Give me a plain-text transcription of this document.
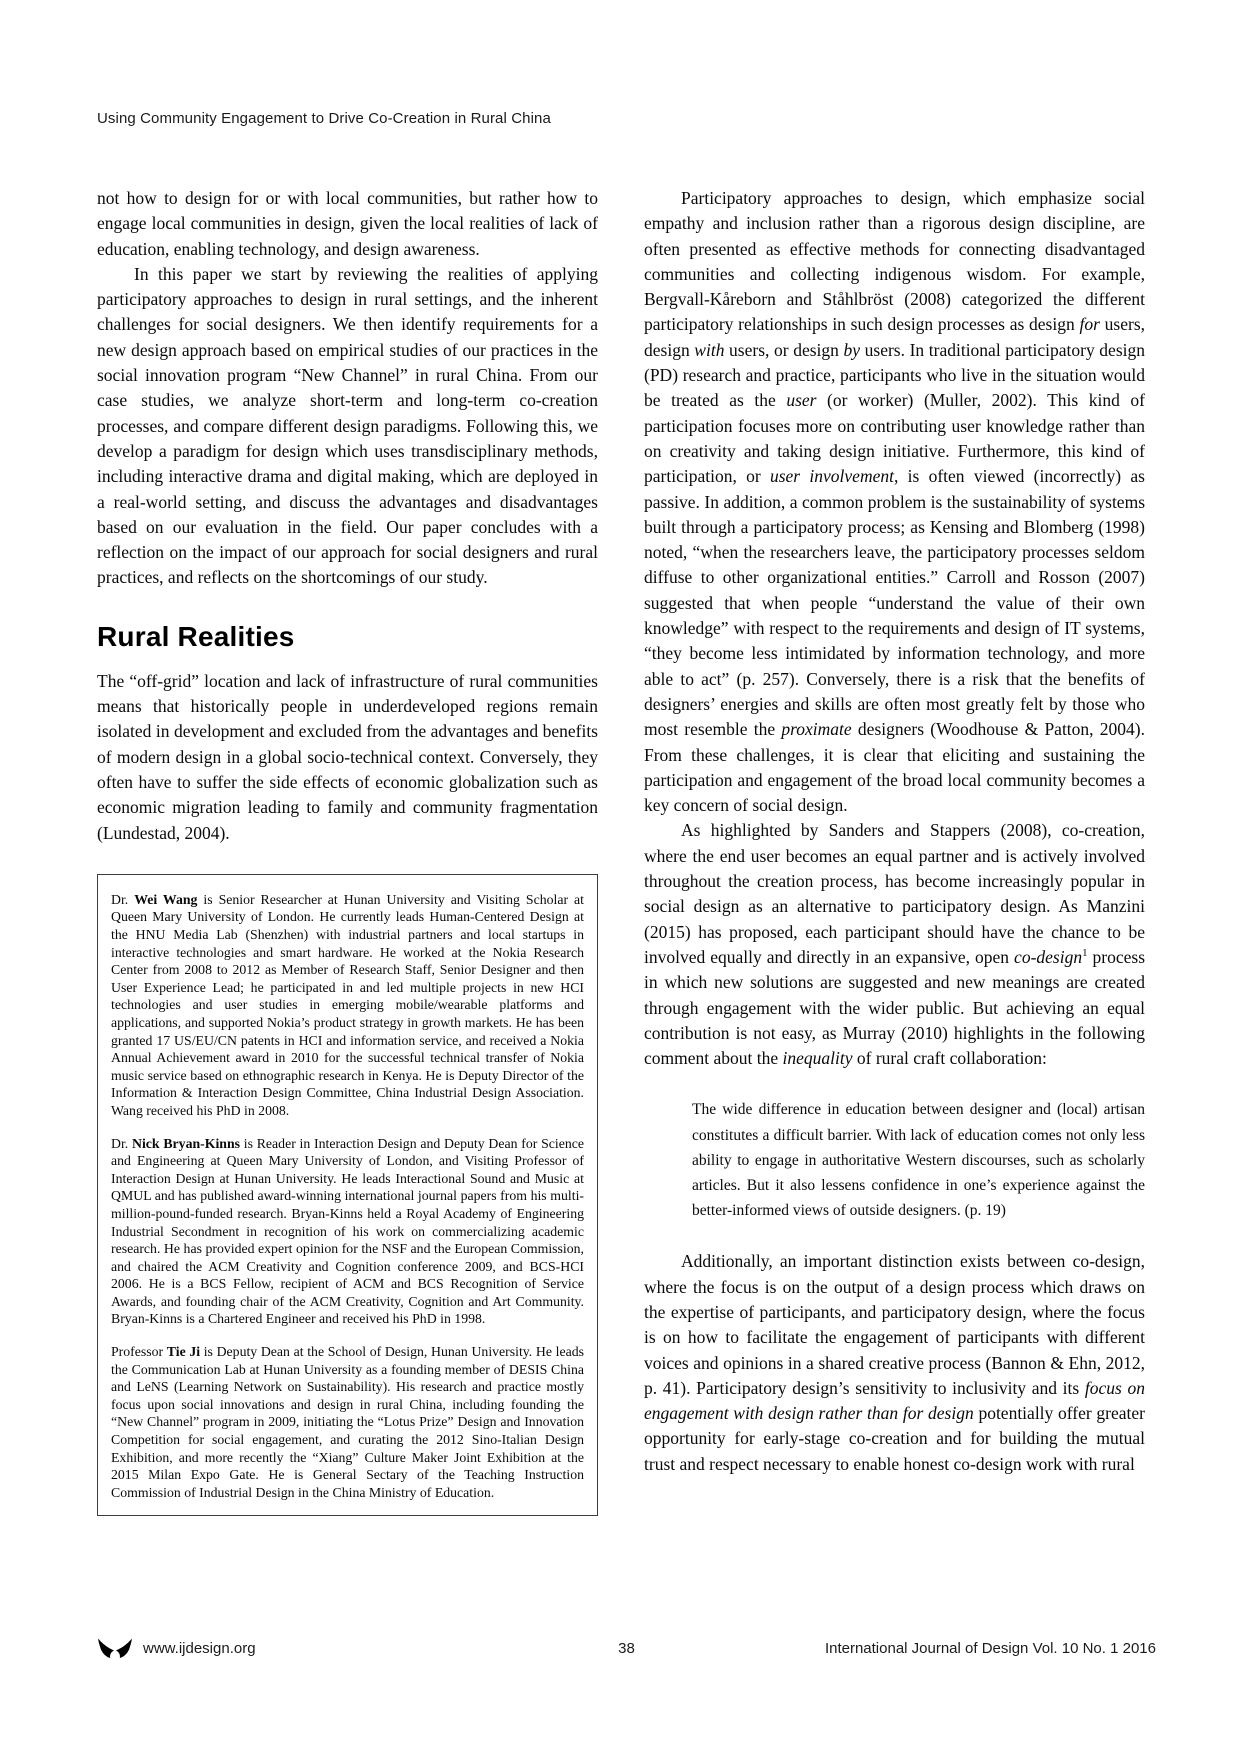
Using Community Engagement to Drive Co-Creation in Rural China

not how to design for or with local communities, but rather how to engage local communities in design, given the local realities of lack of education, enabling technology, and design awareness.

In this paper we start by reviewing the realities of applying participatory approaches to design in rural settings, and the inherent challenges for social designers. We then identify requirements for a new design approach based on empirical studies of our practices in the social innovation program “New Channel” in rural China. From our case studies, we analyze short-term and long-term co-creation processes, and compare different design paradigms. Following this, we develop a paradigm for design which uses transdisciplinary methods, including interactive drama and digital making, which are deployed in a real-world setting, and discuss the advantages and disadvantages based on our evaluation in the field. Our paper concludes with a reflection on the impact of our approach for social designers and rural practices, and reflects on the shortcomings of our study.

Rural Realities

The “off-grid” location and lack of infrastructure of rural communities means that historically people in underdeveloped regions remain isolated in development and excluded from the advantages and benefits of modern design in a global socio-technical context. Conversely, they often have to suffer the side effects of economic globalization such as economic migration leading to family and community fragmentation (Lundestad, 2004).

Dr. Wei Wang is Senior Researcher at Hunan University and Visiting Scholar at Queen Mary University of London. He currently leads Human-Centered Design at the HNU Media Lab (Shenzhen) with industrial partners and local startups in interactive technologies and smart hardware. He worked at the Nokia Research Center from 2008 to 2012 as Member of Research Staff, Senior Designer and then User Experience Lead; he participated in and led multiple projects in new HCI technologies and user studies in emerging mobile/wearable platforms and applications, and supported Nokia’s product strategy in growth markets. He has been granted 17 US/EU/CN patents in HCI and information service, and received a Nokia Annual Achievement award in 2010 for the successful technical transfer of Nokia music service based on ethnographic research in Kenya. He is Deputy Director of the Information & Interaction Design Committee, China Industrial Design Association. Wang received his PhD in 2008.

Dr. Nick Bryan-Kinns is Reader in Interaction Design and Deputy Dean for Science and Engineering at Queen Mary University of London, and Visiting Professor of Interaction Design at Hunan University. He leads Interactional Sound and Music at QMUL and has published award-winning international journal papers from his multi-million-pound-funded research. Bryan-Kinns held a Royal Academy of Engineering Industrial Secondment in recognition of his work on commercializing academic research. He has provided expert opinion for the NSF and the European Commission, and chaired the ACM Creativity and Cognition conference 2009, and BCS-HCI 2006. He is a BCS Fellow, recipient of ACM and BCS Recognition of Service Awards, and founding chair of the ACM Creativity, Cognition and Art Community. Bryan-Kinns is a Chartered Engineer and received his PhD in 1998.

Professor Tie Ji is Deputy Dean at the School of Design, Hunan University. He leads the Communication Lab at Hunan University as a founding member of DESIS China and LeNS (Learning Network on Sustainability). His research and practice mostly focus upon social innovations and design in rural China, including founding the “New Channel” program in 2009, initiating the “Lotus Prize” Design and Innovation Competition for social engagement, and curating the 2012 Sino-Italian Design Exhibition, and more recently the “Xiang” Culture Maker Joint Exhibition at the 2015 Milan Expo Gate. He is General Sectary of the Teaching Instruction Commission of Industrial Design in the China Ministry of Education.

Participatory approaches to design, which emphasize social empathy and inclusion rather than a rigorous design discipline, are often presented as effective methods for connecting disadvantaged communities and collecting indigenous wisdom. For example, Bergvall-Kåreborn and Ståhlbröst (2008) categorized the different participatory relationships in such design processes as design for users, design with users, or design by users. In traditional participatory design (PD) research and practice, participants who live in the situation would be treated as the user (or worker) (Muller, 2002). This kind of participation focuses more on contributing user knowledge rather than on creativity and taking design initiative. Furthermore, this kind of participation, or user involvement, is often viewed (incorrectly) as passive. In addition, a common problem is the sustainability of systems built through a participatory process; as Kensing and Blomberg (1998) noted, “when the researchers leave, the participatory processes seldom diffuse to other organizational entities.” Carroll and Rosson (2007) suggested that when people “understand the value of their own knowledge” with respect to the requirements and design of IT systems, “they become less intimidated by information technology, and more able to act” (p. 257). Conversely, there is a risk that the benefits of designers’ energies and skills are often most greatly felt by those who most resemble the proximate designers (Woodhouse & Patton, 2004). From these challenges, it is clear that eliciting and sustaining the participation and engagement of the broad local community becomes a key concern of social design.

As highlighted by Sanders and Stappers (2008), co-creation, where the end user becomes an equal partner and is actively involved throughout the creation process, has become increasingly popular in social design as an alternative to participatory design. As Manzini (2015) has proposed, each participant should have the chance to be involved equally and directly in an expansive, open co-design$^1$ process in which new solutions are suggested and new meanings are created through engagement with the wider public. But achieving an equal contribution is not easy, as Murray (2010) highlights in the following comment about the inequality of rural craft collaboration:

The wide difference in education between designer and (local) artisan constitutes a difficult barrier. With lack of education comes not only less ability to engage in authoritative Western discourses, such as scholarly articles. But it also lessens confidence in one’s experience against the better-informed views of outside designers. (p. 19)

Additionally, an important distinction exists between co-design, where the focus is on the output of a design process which draws on the expertise of participants, and participatory design, where the focus is on how to facilitate the engagement of participants with different voices and opinions in a shared creative process (Bannon & Ehn, 2012, p. 41). Participatory design’s sensitivity to inclusivity and its focus on engagement with design rather than for design potentially offer greater opportunity for early-stage co-creation and for building the mutual trust and respect necessary to enable honest co-design work with rural

www.ijdesign.org	38	International Journal of Design Vol. 10 No. 1 2016
